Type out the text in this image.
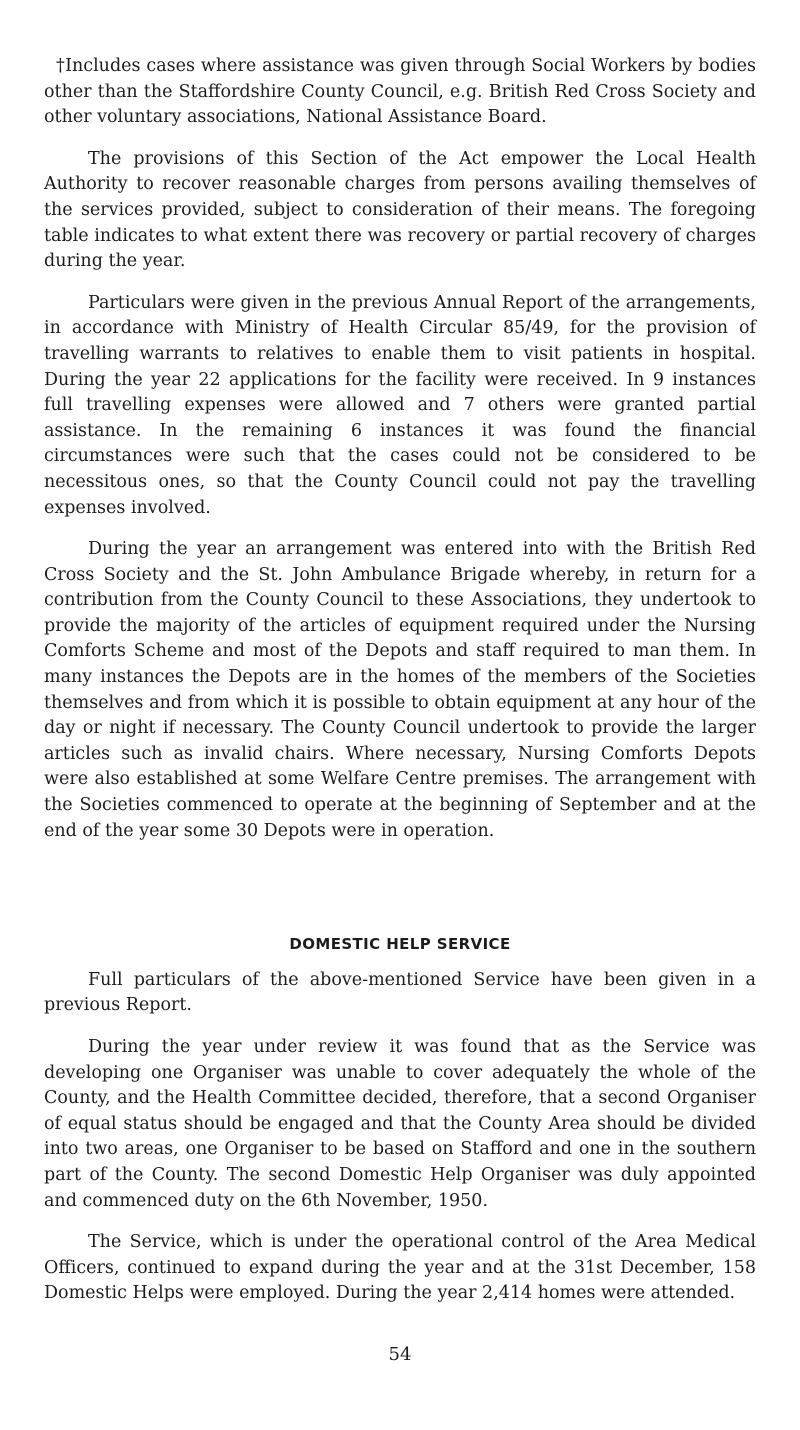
†Includes cases where assistance was given through Social Workers by bodies other than the Staffordshire County Council, e.g. British Red Cross Society and other voluntary associations, National Assistance Board.

The provisions of this Section of the Act empower the Local Health Authority to recover reasonable charges from persons availing themselves of the services provided, subject to consideration of their means. The foregoing table indicates to what extent there was recovery or partial recovery of charges during the year.

Particulars were given in the previous Annual Report of the arrangements, in accordance with Ministry of Health Circular 85/49, for the provision of travelling warrants to relatives to enable them to visit patients in hospital. During the year 22 applications for the facility were received. In 9 instances full travelling expenses were allowed and 7 others were granted partial assistance. In the remaining 6 instances it was found the financial circumstances were such that the cases could not be considered to be necessitous ones, so that the County Council could not pay the travelling expenses involved.

During the year an arrangement was entered into with the British Red Cross Society and the St. John Ambulance Brigade whereby, in return for a contribution from the County Council to these Associations, they undertook to provide the majority of the articles of equipment required under the Nursing Comforts Scheme and most of the Depots and staff required to man them. In many instances the Depots are in the homes of the members of the Societies themselves and from which it is possible to obtain equipment at any hour of the day or night if necessary. The County Council undertook to provide the larger articles such as invalid chairs. Where necessary, Nursing Comforts Depots were also established at some Welfare Centre premises. The arrangement with the Societies commenced to operate at the beginning of September and at the end of the year some 30 Depots were in operation.

DOMESTIC HELP SERVICE

Full particulars of the above-mentioned Service have been given in a previous Report.

During the year under review it was found that as the Service was developing one Organiser was unable to cover adequately the whole of the County, and the Health Committee decided, therefore, that a second Organiser of equal status should be engaged and that the County Area should be divided into two areas, one Organiser to be based on Stafford and one in the southern part of the County. The second Domestic Help Organiser was duly appointed and commenced duty on the 6th November, 1950.

The Service, which is under the operational control of the Area Medical Officers, continued to expand during the year and at the 31st December, 158 Domestic Helps were employed. During the year 2,414 homes were attended.

54
